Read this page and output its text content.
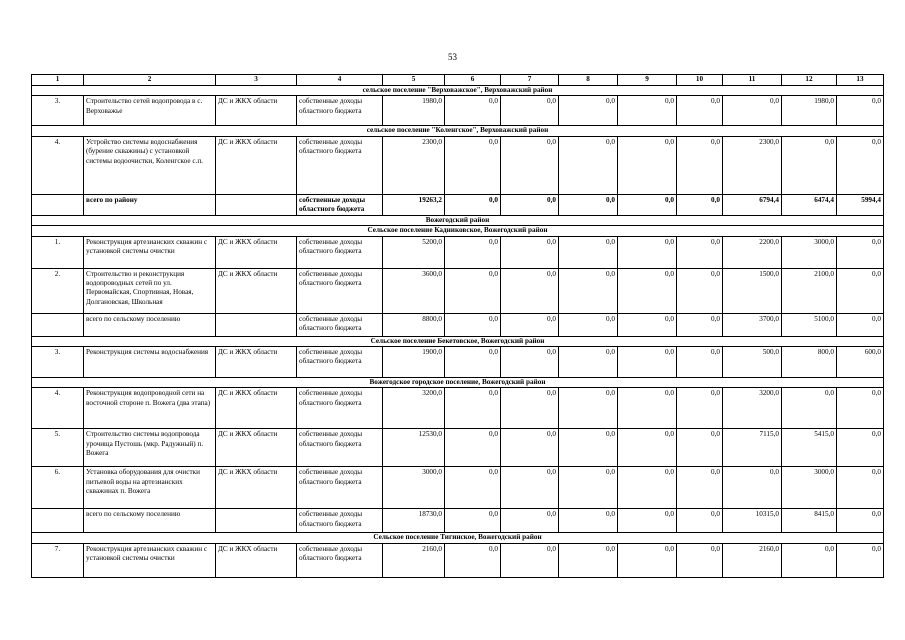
53
1	2	3	4	5	6	7	8	9	10	11	12	13
сельское поселение "Верховажское", Верховажский район												
3.	Строительство сетей водопровода в с. Верховажье	ДС и ЖКХ области	собственные доходы областного бюджета	1980,0	0,0	0,0	0,0	0,0	0,0	0,0	1980,0	0,0
сельское поселение "Коленгское", Верховажский район												
4.	Устройство системы водоснабжения (бурение скважины) с установкой системы водоочистки, Коленгское с.п.	ДС и ЖКХ области	собственные доходы областного бюджета	2300,0	0,0	0,0	0,0	0,0	0,0	2300,0	0,0	0,0
	всего по району		собственные доходы областного бюджета	19263,2	0,0	0,0	0,0	0,0	0,0	6794,4	6474,4	5994,4
Вожегодский район												
Сельское поселение Кадниковское, Вожегодский район												
1.	Реконструкция артезианских скважин с установкой системы очистки	ДС и ЖКХ области	собственные доходы областного бюджета	5200,0	0,0	0,0	0,0	0,0	0,0	2200,0	3000,0	0,0
2.	Строительство и реконструкция водопроводных сетей по ул. Первомайская, Спортивная, Новая, Долгановская, Школьная	ДС и ЖКХ области	собственные доходы областного бюджета	3600,0	0,0	0,0	0,0	0,0	0,0	1500,0	2100,0	0,0
	всего по сельскому поселению		собственные доходы областного бюджета	8800,0	0,0	0,0	0,0	0,0	0,0	3700,0	5100,0	0,0
Сельское поселение Бекетовское, Вожегодский район												
3.	Реконструкция системы водоснабжения	ДС и ЖКХ области	собственные доходы областного бюджета	1900,0	0,0	0,0	0,0	0,0	0,0	500,0	800,0	600,0
Вожегодское городское поселение, Вожегодский район												
4.	Реконструкция водопроводной сети на восточной стороне п. Вожега (два этапа)	ДС и ЖКХ области	собственные доходы областного бюджета	3200,0	0,0	0,0	0,0	0,0	0,0	3200,0	0,0	0,0
5.	Строительство системы водопровода урочища Пустошь (мкр. Радужный) п. Вожега	ДС и ЖКХ области	собственные доходы областного бюджета	12530,0	0,0	0,0	0,0	0,0	0,0	7115,0	5415,0	0,0
6.	Установка оборудования для очистки питьевой воды на артезианских скважинах п. Вожега	ДС и ЖКХ области	собственные доходы областного бюджета	3000,0	0,0	0,0	0,0	0,0	0,0	0,0	3000,0	0,0
	всего по сельскому поселению		собственные доходы областного бюджета	18730,0	0,0	0,0	0,0	0,0	0,0	10315,0	8415,0	0,0
Сельское поселение Тигинское, Вожегодский район												
7.	Реконструкция артезианских скважин с установкой системы очистки	ДС и ЖКХ области	собственные доходы областного бюджета	2160,0	0,0	0,0	0,0	0,0	0,0	2160,0	0,0	0,0
